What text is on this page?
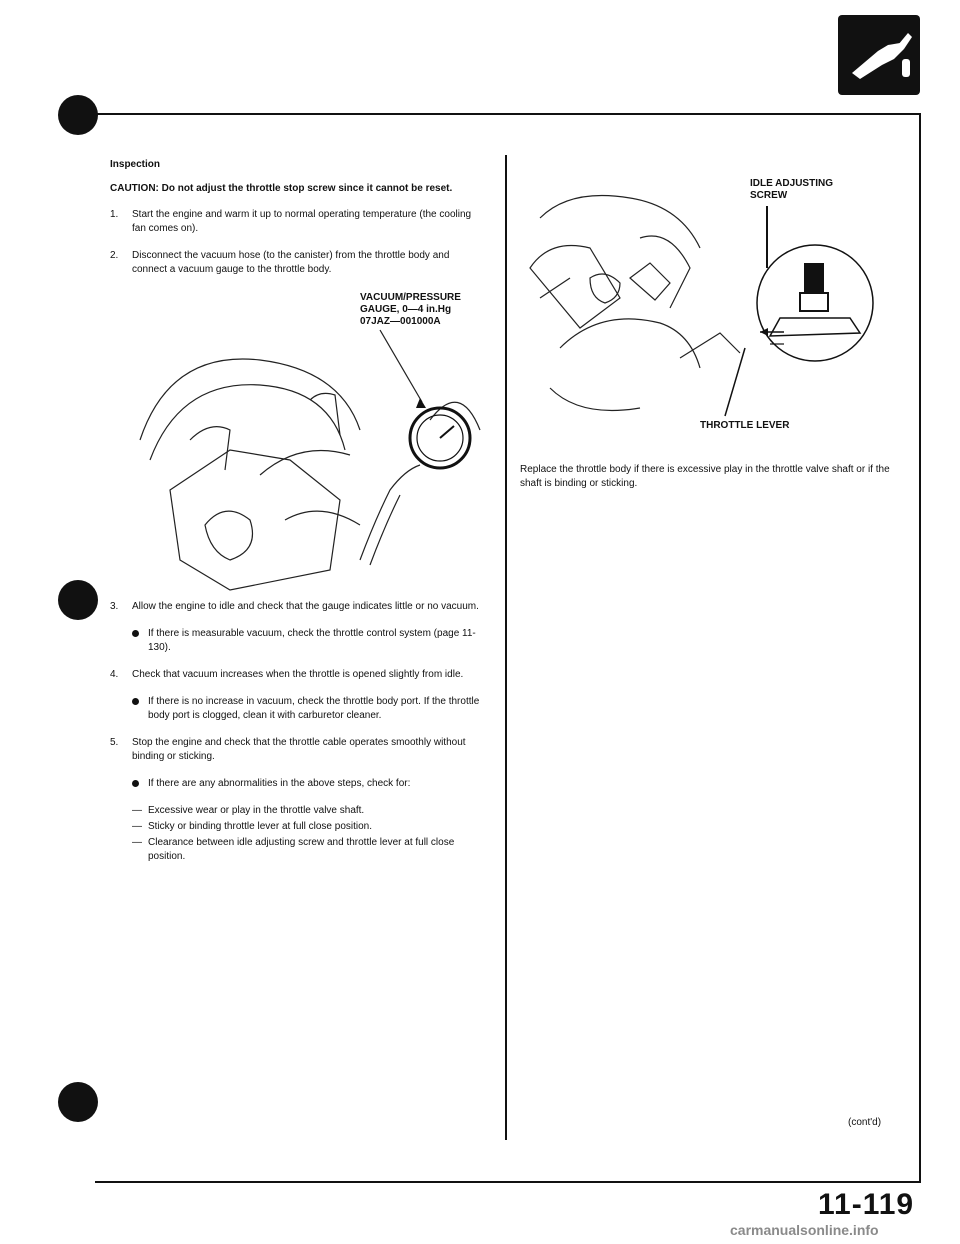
Inspection
CAUTION: Do not adjust the throttle stop screw since it cannot be reset.
1.	Start the engine and warm it up to normal operating temperature (the cooling fan comes on).
2.	Disconnect the vacuum hose (to the canister) from the throttle body and connect a vacuum gauge to the throttle body.
VACUUM/PRESSURE
GAUGE, 0—4 in.Hg
07JAZ—001000A
3.	Allow the engine to idle and check that the gauge indicates little or no vacuum.
If there is measurable vacuum, check the throttle control system (page 11-130).
4.	Check that vacuum increases when the throttle is opened slightly from idle.
If there is no increase in vacuum, check the throttle body port. If the throttle body port is clogged, clean it with carburetor cleaner.
5.	Stop the engine and check that the throttle cable operates smoothly without binding or sticking.
If there are any abnormalities in the above steps, check for:
— Excessive wear or play in the throttle valve shaft.
— Sticky or binding throttle lever at full close position.
— Clearance between idle adjusting screw and throttle lever at full close position.
IDLE ADJUSTING
SCREW
THROTTLE LEVER
Replace the throttle body if there is excessive play in the throttle valve shaft or if the shaft is binding or sticking.
(cont'd)
11-119
carmanualsonline.info
